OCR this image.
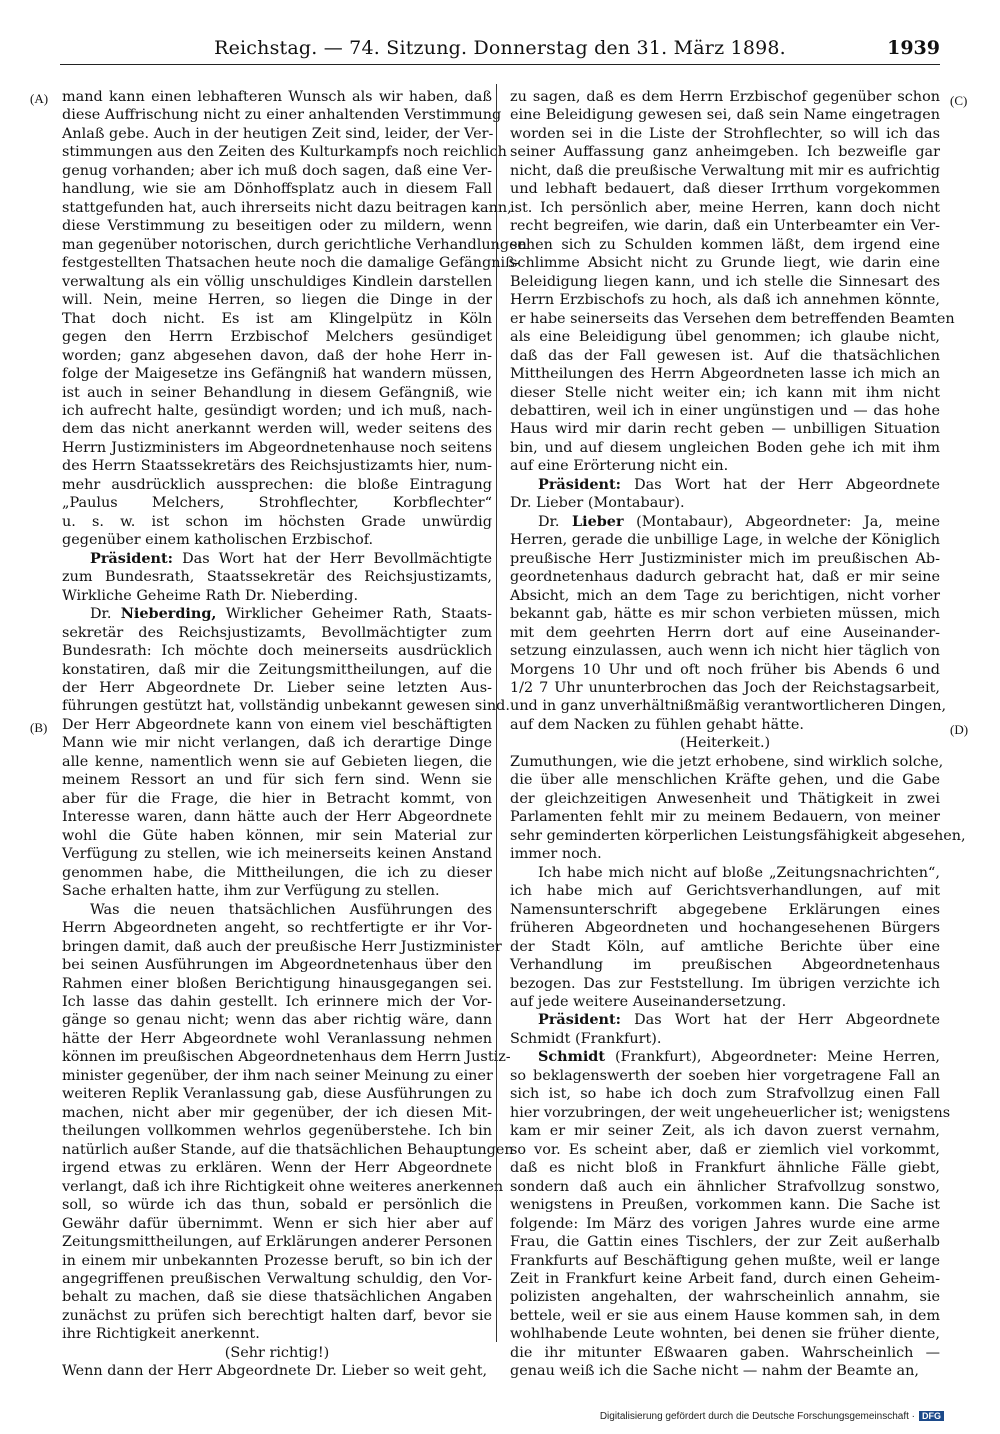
Reichstag. — 74. Sitzung. Donnerstag den 31. März 1898.	1939
(A)
(B)
(C)
(D)
mand kann einen lebhafteren Wunsch als wir haben, daß
diese Auffrischung nicht zu einer anhaltenden Verstimmung
Anlaß gebe. Auch in der heutigen Zeit sind, leider, der Ver-
stimmungen aus den Zeiten des Kulturkampfs noch reichlich
genug vorhanden; aber ich muß doch sagen, daß eine Ver-
handlung, wie sie am Dönhoffsplatz auch in diesem Fall
stattgefunden hat, auch ihrerseits nicht dazu beitragen kann,
diese Verstimmung zu beseitigen oder zu mildern, wenn
man gegenüber notorischen, durch gerichtliche Verhandlungen
festgestellten Thatsachen heute noch die damalige Gefängniß-
verwaltung als ein völlig unschuldiges Kindlein darstellen
will. Nein, meine Herren, so liegen die Dinge in der
That doch nicht. Es ist am Klingelpütz in Köln
gegen den Herrn Erzbischof Melchers gesündiget
worden; ganz abgesehen davon, daß der hohe Herr in-
folge der Maigesetze ins Gefängniß hat wandern müssen,
ist auch in seiner Behandlung in diesem Gefängniß, wie
ich aufrecht halte, gesündigt worden; und ich muß, nach-
dem das nicht anerkannt werden will, weder seitens des
Herrn Justizministers im Abgeordnetenhause noch seitens
des Herrn Staatssekretärs des Reichsjustizamts hier, num-
mehr ausdrücklich aussprechen: die bloße Eintragung
„Paulus Melchers, Strohflechter, Korbflechter“
u. s. w. ist schon im höchsten Grade unwürdig
gegenüber einem katholischen Erzbischof.
Präsident: Das Wort hat der Herr Bevollmächtigte
zum Bundesrath, Staatssekretär des Reichsjustizamts,
Wirkliche Geheime Rath Dr. Nieberding.
Dr. Nieberding, Wirklicher Geheimer Rath, Staats-
sekretär des Reichsjustizamts, Bevollmächtigter zum
Bundesrath: Ich möchte doch meinerseits ausdrücklich
konstatiren, daß mir die Zeitungsmittheilungen, auf die
der Herr Abgeordnete Dr. Lieber seine letzten Aus-
führungen gestützt hat, vollständig unbekannt gewesen sind.
Der Herr Abgeordnete kann von einem viel beschäftigten
Mann wie mir nicht verlangen, daß ich derartige Dinge
alle kenne, namentlich wenn sie auf Gebieten liegen, die
meinem Ressort an und für sich fern sind. Wenn sie
aber für die Frage, die hier in Betracht kommt, von
Interesse waren, dann hätte auch der Herr Abgeordnete
wohl die Güte haben können, mir sein Material zur
Verfügung zu stellen, wie ich meinerseits keinen Anstand
genommen habe, die Mittheilungen, die ich zu dieser
Sache erhalten hatte, ihm zur Verfügung zu stellen.
Was die neuen thatsächlichen Ausführungen des
Herrn Abgeordneten angeht, so rechtfertigte er ihr Vor-
bringen damit, daß auch der preußische Herr Justizminister
bei seinen Ausführungen im Abgeordnetenhaus über den
Rahmen einer bloßen Berichtigung hinausgegangen sei.
Ich lasse das dahin gestellt. Ich erinnere mich der Vor-
gänge so genau nicht; wenn das aber richtig wäre, dann
hätte der Herr Abgeordnete wohl Veranlassung nehmen
können im preußischen Abgeordnetenhaus dem Herrn Justiz-
minister gegenüber, der ihm nach seiner Meinung zu einer
weiteren Replik Veranlassung gab, diese Ausführungen zu
machen, nicht aber mir gegenüber, der ich diesen Mit-
theilungen vollkommen wehrlos gegenüberstehe. Ich bin
natürlich außer Stande, auf die thatsächlichen Behauptungen
irgend etwas zu erklären. Wenn der Herr Abgeordnete
verlangt, daß ich ihre Richtigkeit ohne weiteres anerkennen
soll, so würde ich das thun, sobald er persönlich die
Gewähr dafür übernimmt. Wenn er sich hier aber auf
Zeitungsmittheilungen, auf Erklärungen anderer Personen
in einem mir unbekannten Prozesse beruft, so bin ich der
angegriffenen preußischen Verwaltung schuldig, den Vor-
behalt zu machen, daß sie diese thatsächlichen Angaben
zunächst zu prüfen sich berechtigt halten darf, bevor sie
ihre Richtigkeit anerkennt.
(Sehr richtig!)
Wenn dann der Herr Abgeordnete Dr. Lieber so weit geht,
zu sagen, daß es dem Herrn Erzbischof gegenüber schon
eine Beleidigung gewesen sei, daß sein Name eingetragen
worden sei in die Liste der Strohflechter, so will ich das
seiner Auffassung ganz anheimgeben. Ich bezweifle gar
nicht, daß die preußische Verwaltung mit mir es aufrichtig
und lebhaft bedauert, daß dieser Irrthum vorgekommen
ist. Ich persönlich aber, meine Herren, kann doch nicht
recht begreifen, wie darin, daß ein Unterbeamter ein Ver-
sehen sich zu Schulden kommen läßt, dem irgend eine
schlimme Absicht nicht zu Grunde liegt, wie darin eine
Beleidigung liegen kann, und ich stelle die Sinnesart des
Herrn Erzbischofs zu hoch, als daß ich annehmen könnte,
er habe seinerseits das Versehen dem betreffenden Beamten
als eine Beleidigung übel genommen; ich glaube nicht,
daß das der Fall gewesen ist. Auf die thatsächlichen
Mittheilungen des Herrn Abgeordneten lasse ich mich an
dieser Stelle nicht weiter ein; ich kann mit ihm nicht
debattiren, weil ich in einer ungünstigen und — das hohe
Haus wird mir darin recht geben — unbilligen Situation
bin, und auf diesem ungleichen Boden gehe ich mit ihm
auf eine Erörterung nicht ein.
Präsident: Das Wort hat der Herr Abgeordnete
Dr. Lieber (Montabaur).
Dr. Lieber (Montabaur), Abgeordneter: Ja, meine
Herren, gerade die unbillige Lage, in welche der Königlich
preußische Herr Justizminister mich im preußischen Ab-
geordnetenhaus dadurch gebracht hat, daß er mir seine
Absicht, mich an dem Tage zu berichtigen, nicht vorher
bekannt gab, hätte es mir schon verbieten müssen, mich
mit dem geehrten Herrn dort auf eine Auseinander-
setzung einzulassen, auch wenn ich nicht hier täglich von
Morgens 10 Uhr und oft noch früher bis Abends 6 und
1/2 7 Uhr ununterbrochen das Joch der Reichstagsarbeit,
und in ganz unverhältnißmäßig verantwortlicheren Dingen,
auf dem Nacken zu fühlen gehabt hätte.
(Heiterkeit.)
Zumuthungen, wie die jetzt erhobene, sind wirklich solche,
die über alle menschlichen Kräfte gehen, und die Gabe
der gleichzeitigen Anwesenheit und Thätigkeit in zwei
Parlamenten fehlt mir zu meinem Bedauern, von meiner
sehr geminderten körperlichen Leistungsfähigkeit abgesehen,
immer noch.
Ich habe mich nicht auf bloße „Zeitungsnachrichten“,
ich habe mich auf Gerichtsverhandlungen, auf mit
Namensunterschrift abgegebene Erklärungen eines
früheren Abgeordneten und hochangesehenen Bürgers
der Stadt Köln, auf amtliche Berichte über eine
Verhandlung im preußischen Abgeordnetenhaus
bezogen. Das zur Feststellung. Im übrigen verzichte ich
auf jede weitere Auseinandersetzung.
Präsident: Das Wort hat der Herr Abgeordnete
Schmidt (Frankfurt).
Schmidt (Frankfurt), Abgeordneter: Meine Herren,
so beklagenswerth der soeben hier vorgetragene Fall an
sich ist, so habe ich doch zum Strafvollzug einen Fall
hier vorzubringen, der weit ungeheuerlicher ist; wenigstens
kam er mir seiner Zeit, als ich davon zuerst vernahm,
so vor. Es scheint aber, daß er ziemlich viel vorkommt,
daß es nicht bloß in Frankfurt ähnliche Fälle giebt,
sondern daß auch ein ähnlicher Strafvollzug sonstwo,
wenigstens in Preußen, vorkommen kann. Die Sache ist
folgende: Im März des vorigen Jahres wurde eine arme
Frau, die Gattin eines Tischlers, der zur Zeit außerhalb
Frankfurts auf Beschäftigung gehen mußte, weil er lange
Zeit in Frankfurt keine Arbeit fand, durch einen Geheim-
polizisten angehalten, der wahrscheinlich annahm, sie
bettele, weil er sie aus einem Hause kommen sah, in dem
wohlhabende Leute wohnten, bei denen sie früher diente,
die ihr mitunter Eßwaaren gaben. Wahrscheinlich —
genau weiß ich die Sache nicht — nahm der Beamte an,
Digitalisierung gefördert durch die Deutsche Forschungsgemeinschaft · DFG
